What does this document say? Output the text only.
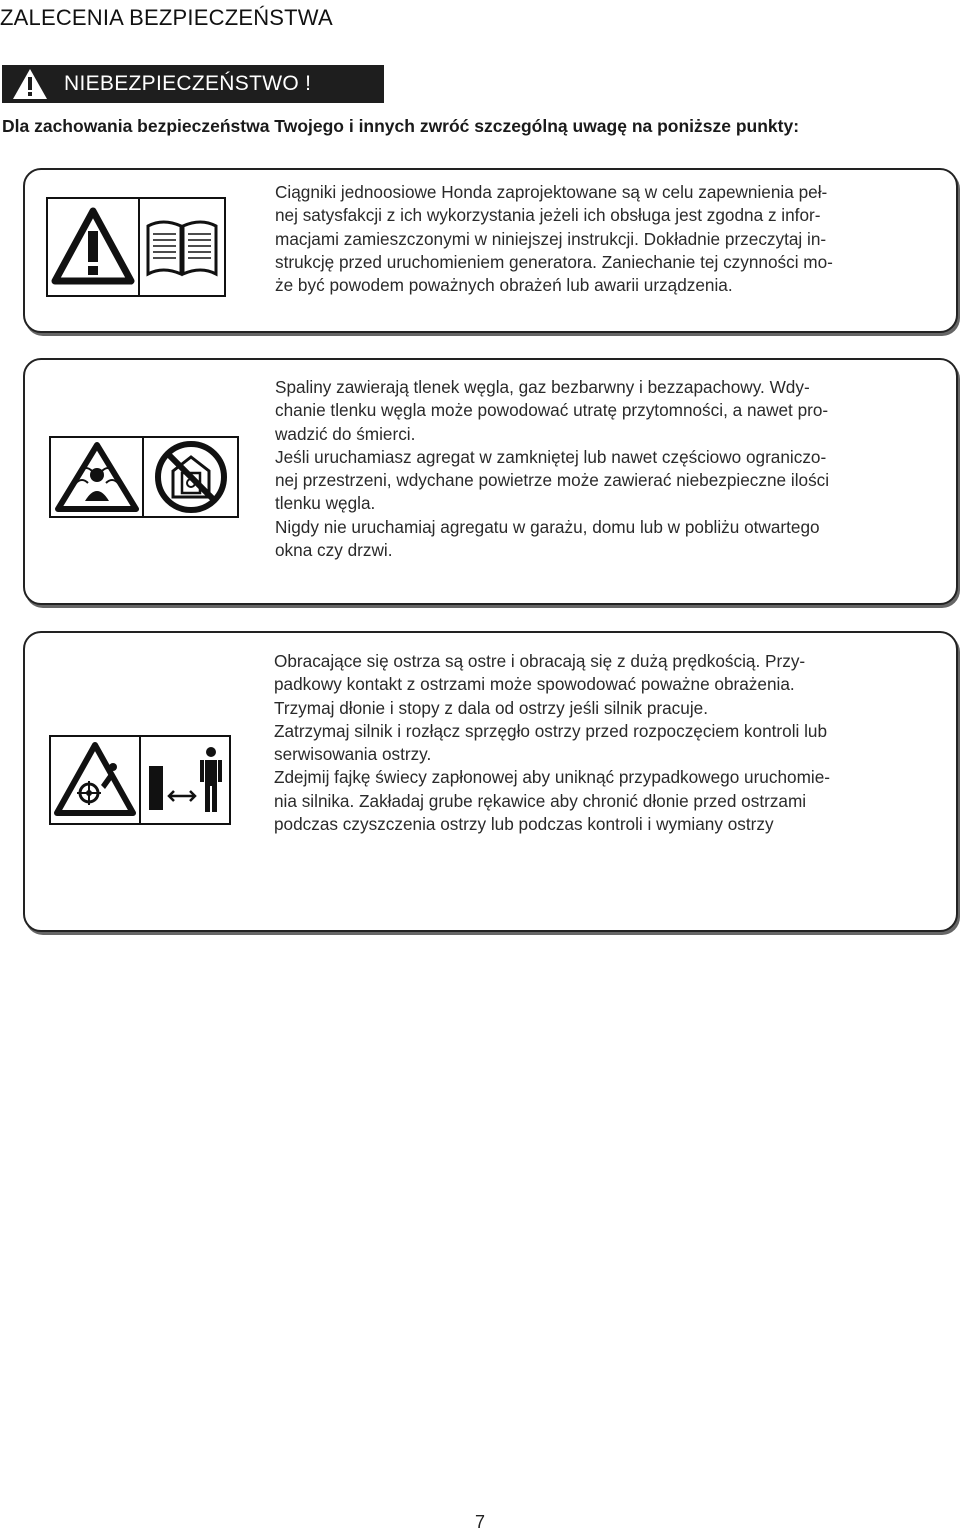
ZALECENIA BEZPIECZEŃSTWA
NIEBEZPIECZEŃSTWO !
Dla zachowania bezpieczeństwa Twojego i innych zwróć szczególną uwagę na poniższe punkty:

Ciągniki jednoosiowe Honda zaprojektowane są w celu zapewnienia peł-

nej satysfakcji z ich wykorzystania jeżeli ich obsługa jest zgodna z infor-

macjami zamieszczonymi w niniejszej instrukcji. Dokładnie przeczytaj in-

strukcję przed uruchomieniem generatora. Zaniechanie tej czynności mo-

że być powodem poważnych obrażeń lub awarii urządzenia.

Spaliny zawierają tlenek węgla, gaz bezbarwny i bezzapachowy. Wdy-

chanie tlenku węgla może powodować utratę przytomności, a nawet pro-

wadzić do śmierci.

Jeśli uruchamiasz agregat w zamkniętej lub nawet częściowo ograniczo-

nej przestrzeni, wdychane powietrze może zawierać niebezpieczne ilości

tlenku węgla.

Nigdy nie uruchamiaj agregatu w garażu, domu lub w pobliżu otwartego

okna czy drzwi.

Obracające się ostrza są ostre i obracają się z dużą prędkością. Przy-

padkowy kontakt z ostrzami może spowodować poważne obrażenia.

Trzymaj dłonie i stopy z dala od ostrzy jeśli silnik pracuje.

Zatrzymaj silnik i rozłącz sprzęgło ostrzy przed rozpoczęciem kontroli lub

serwisowania ostrzy.

Zdejmij fajkę świecy zapłonowej aby uniknąć przypadkowego uruchomie-

nia silnika. Zakładaj grube rękawice aby chronić dłonie przed ostrzami

podczas czyszczenia ostrzy lub podczas kontroli i wymiany ostrzy

7
